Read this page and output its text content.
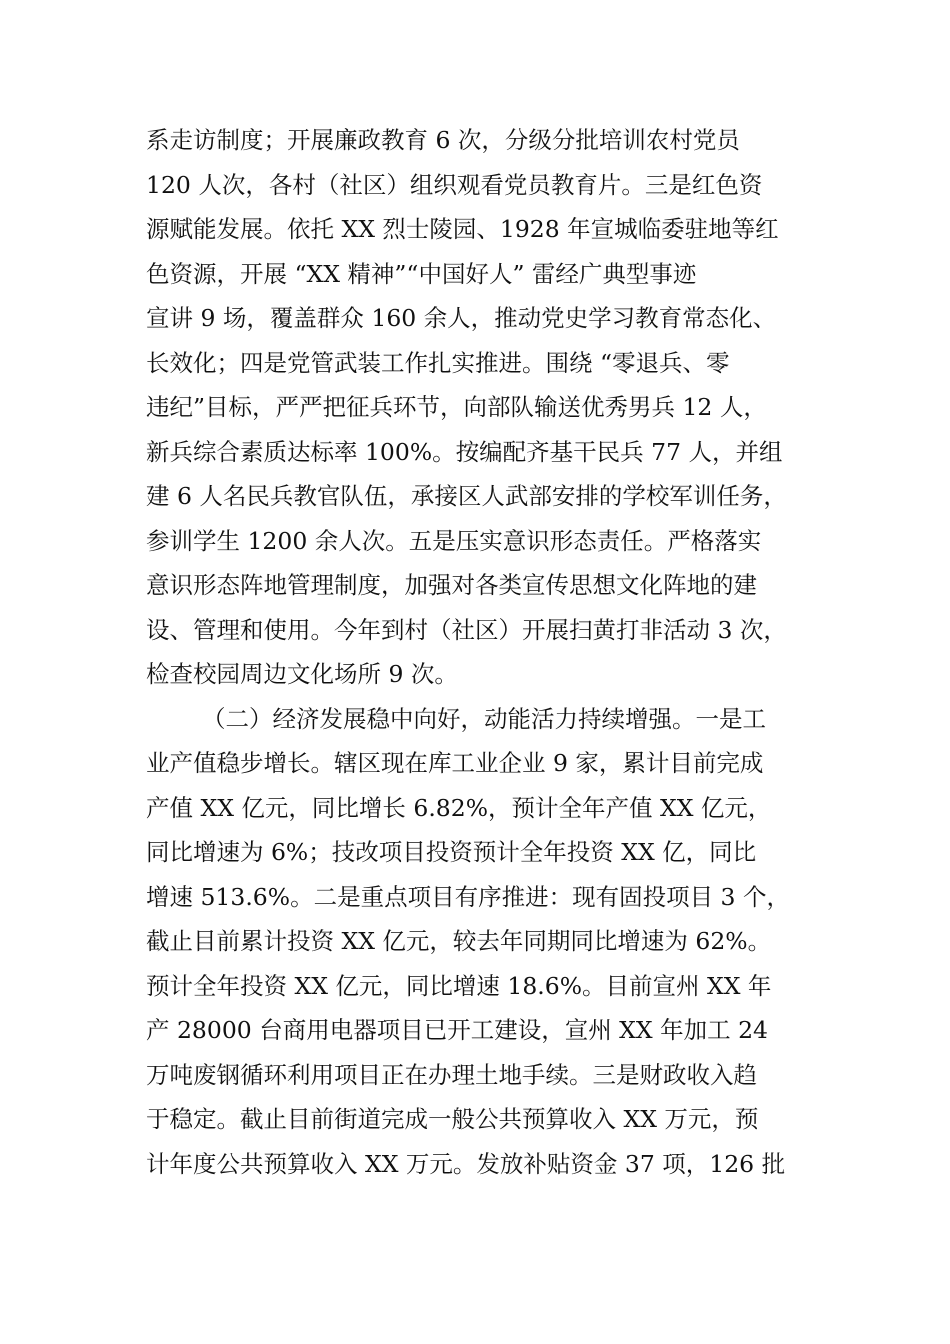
系走访制度；开展廉政教育 6 次，分级分批培训农村党员
120 人次，各村（社区）组织观看党员教育片。三是红色资
源赋能发展。依托 XX 烈士陵园、1928 年宣城临委驻地等红
色资源，开展 “XX 精神”“中国好人” 雷经广典型事迹
宣讲 9 场，覆盖群众 160 余人，推动党史学习教育常态化、
长效化；四是党管武装工作扎实推进。围绕 “零退兵、零
违纪”目标，严严把征兵环节，向部队输送优秀男兵 12 人，
新兵综合素质达标率 100%。按编配齐基干民兵 77 人，并组
建 6 人名民兵教官队伍，承接区人武部安排的学校军训任务，
参训学生 1200 余人次。五是压实意识形态责任。严格落实
意识形态阵地管理制度，加强对各类宣传思想文化阵地的建
设、管理和使用。今年到村（社区）开展扫黄打非活动 3 次，
检查校园周边文化场所 9 次。
（二）经济发展稳中向好，动能活力持续增强。一是工
业产值稳步增长。辖区现在库工业企业 9 家，累计目前完成
产值 XX 亿元，同比增长 6.82%，预计全年产值 XX 亿元，
同比增速为 6%；技改项目投资预计全年投资 XX 亿，同比
增速 513.6%。二是重点项目有序推进：现有固投项目 3 个，
截止目前累计投资 XX 亿元，较去年同期同比增速为 62%。
预计全年投资 XX 亿元，同比增速 18.6%。目前宣州 XX 年
产 28000 台商用电器项目已开工建设，宣州 XX 年加工 24
万吨废钢循环利用项目正在办理土地手续。三是财政收入趋
于稳定。截止目前街道完成一般公共预算收入 XX 万元，预
计年度公共预算收入 XX 万元。发放补贴资金 37 项，126 批
